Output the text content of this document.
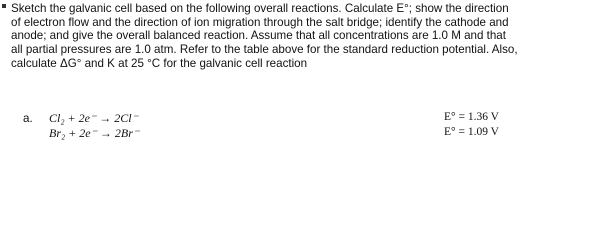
Sketch the galvanic cell based on the following overall reactions. Calculate E°; show the direction
of electron flow and the direction of ion migration through the salt bridge; identify the cathode and
anode; and give the overall balanced reaction. Assume that all concentrations are 1.0 M and that
all partial pressures are 1.0 atm. Refer to the table above for the standard reduction potential. Also,
calculate ΔG° and K at 25 °C for the galvanic cell reaction
a. Cl₂ + 2e⁻ → 2Cl⁻	E° = 1.36 V
Br₂ + 2e⁻ → 2Br⁻	E° = 1.09 V
